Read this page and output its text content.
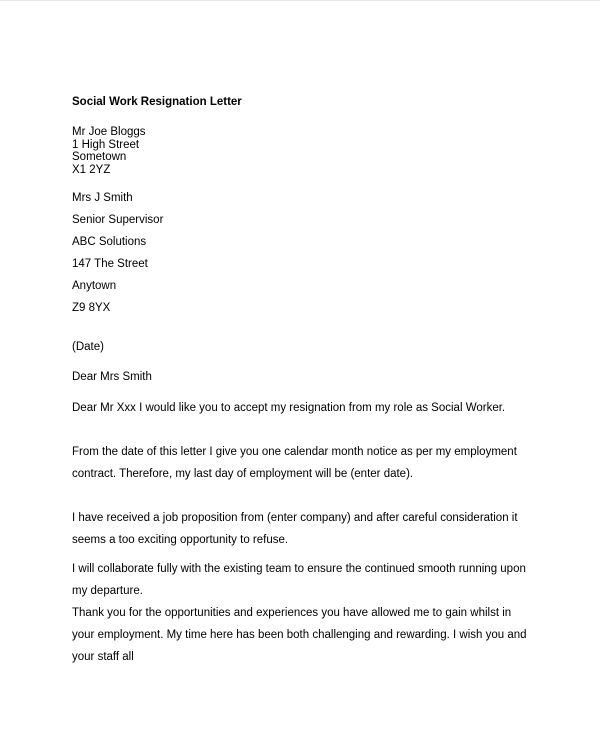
Social Work Resignation Letter
Mr Joe Bloggs
1 High Street
Sometown
X1 2YZ
Mrs J Smith
Senior Supervisor
ABC Solutions
147 The Street
Anytown
Z9 8YX
(Date)
Dear Mrs Smith

Dear Mr Xxx I would like you to accept my resignation from my role as Social Worker.

From the date of this letter I give you one calendar month notice as per my employment contract. Therefore, my last day of employment will be (enter date).

I have received a job proposition from (enter company) and after careful consideration it seems a too exciting opportunity to refuse.

I will collaborate fully with the existing team to ensure the continued smooth running upon my departure.

Thank you for the opportunities and experiences you have allowed me to gain whilst in your employment. My time here has been both challenging and rewarding. I wish you and your staff all
